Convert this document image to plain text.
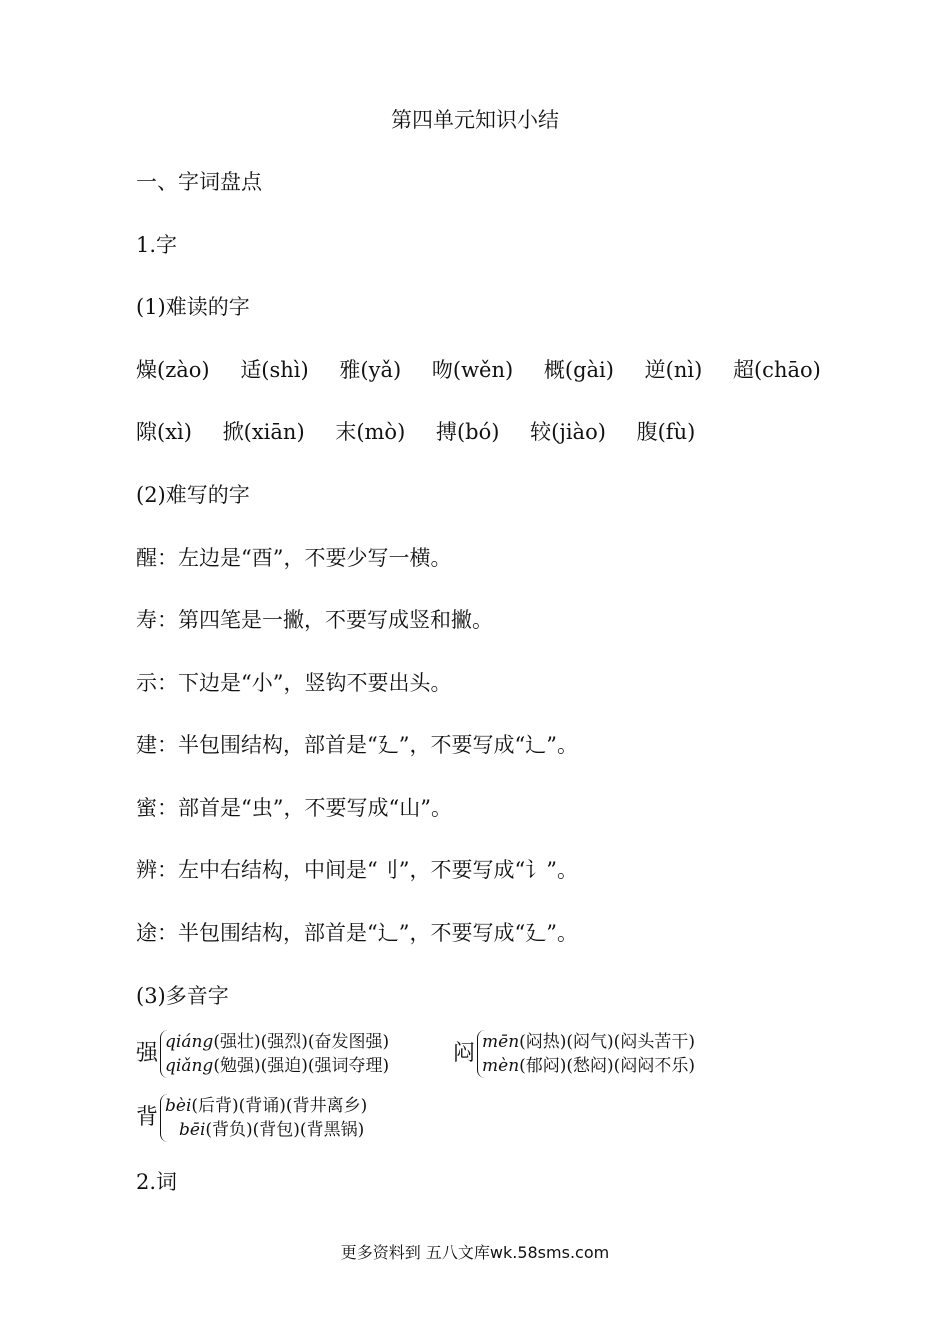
第四单元知识小结
一、字词盘点
1.字
(1)难读的字
燥(zào) 适(shì) 雅(yǎ) 吻(wěn) 概(gài) 逆(nì) 超(chāo)
隙(xì) 掀(xiān) 末(mò) 搏(bó) 较(jiào) 腹(fù)
(2)难写的字
醒：左边是“酉”，不要少写一横。
寿：第四笔是一撇，不要写成竖和撇。
示：下边是“小”，竖钩不要出头。
建：半包围结构，部首是“廴”，不要写成“辶”。
蜜：部首是“虫”，不要写成“山”。
辨：左中右结构，中间是“刂”，不要写成“讠”。
途：半包围结构，部首是“辶”，不要写成“廴”。
(3)多音字
强 qiáng(强壮)(强烈)(奋发图强)
qiǎng(勉强)(强迫)(强词夺理)	闷 mēn(闷热)(闷气)(闷头苦干)
mèn(郁闷)(愁闷)(闷闷不乐)
背 bèi(后背)(背诵)(背井离乡)
bēi(背负)(背包)(背黑锅)
2.词
更多资料到 五八文库wk.58sms.com
